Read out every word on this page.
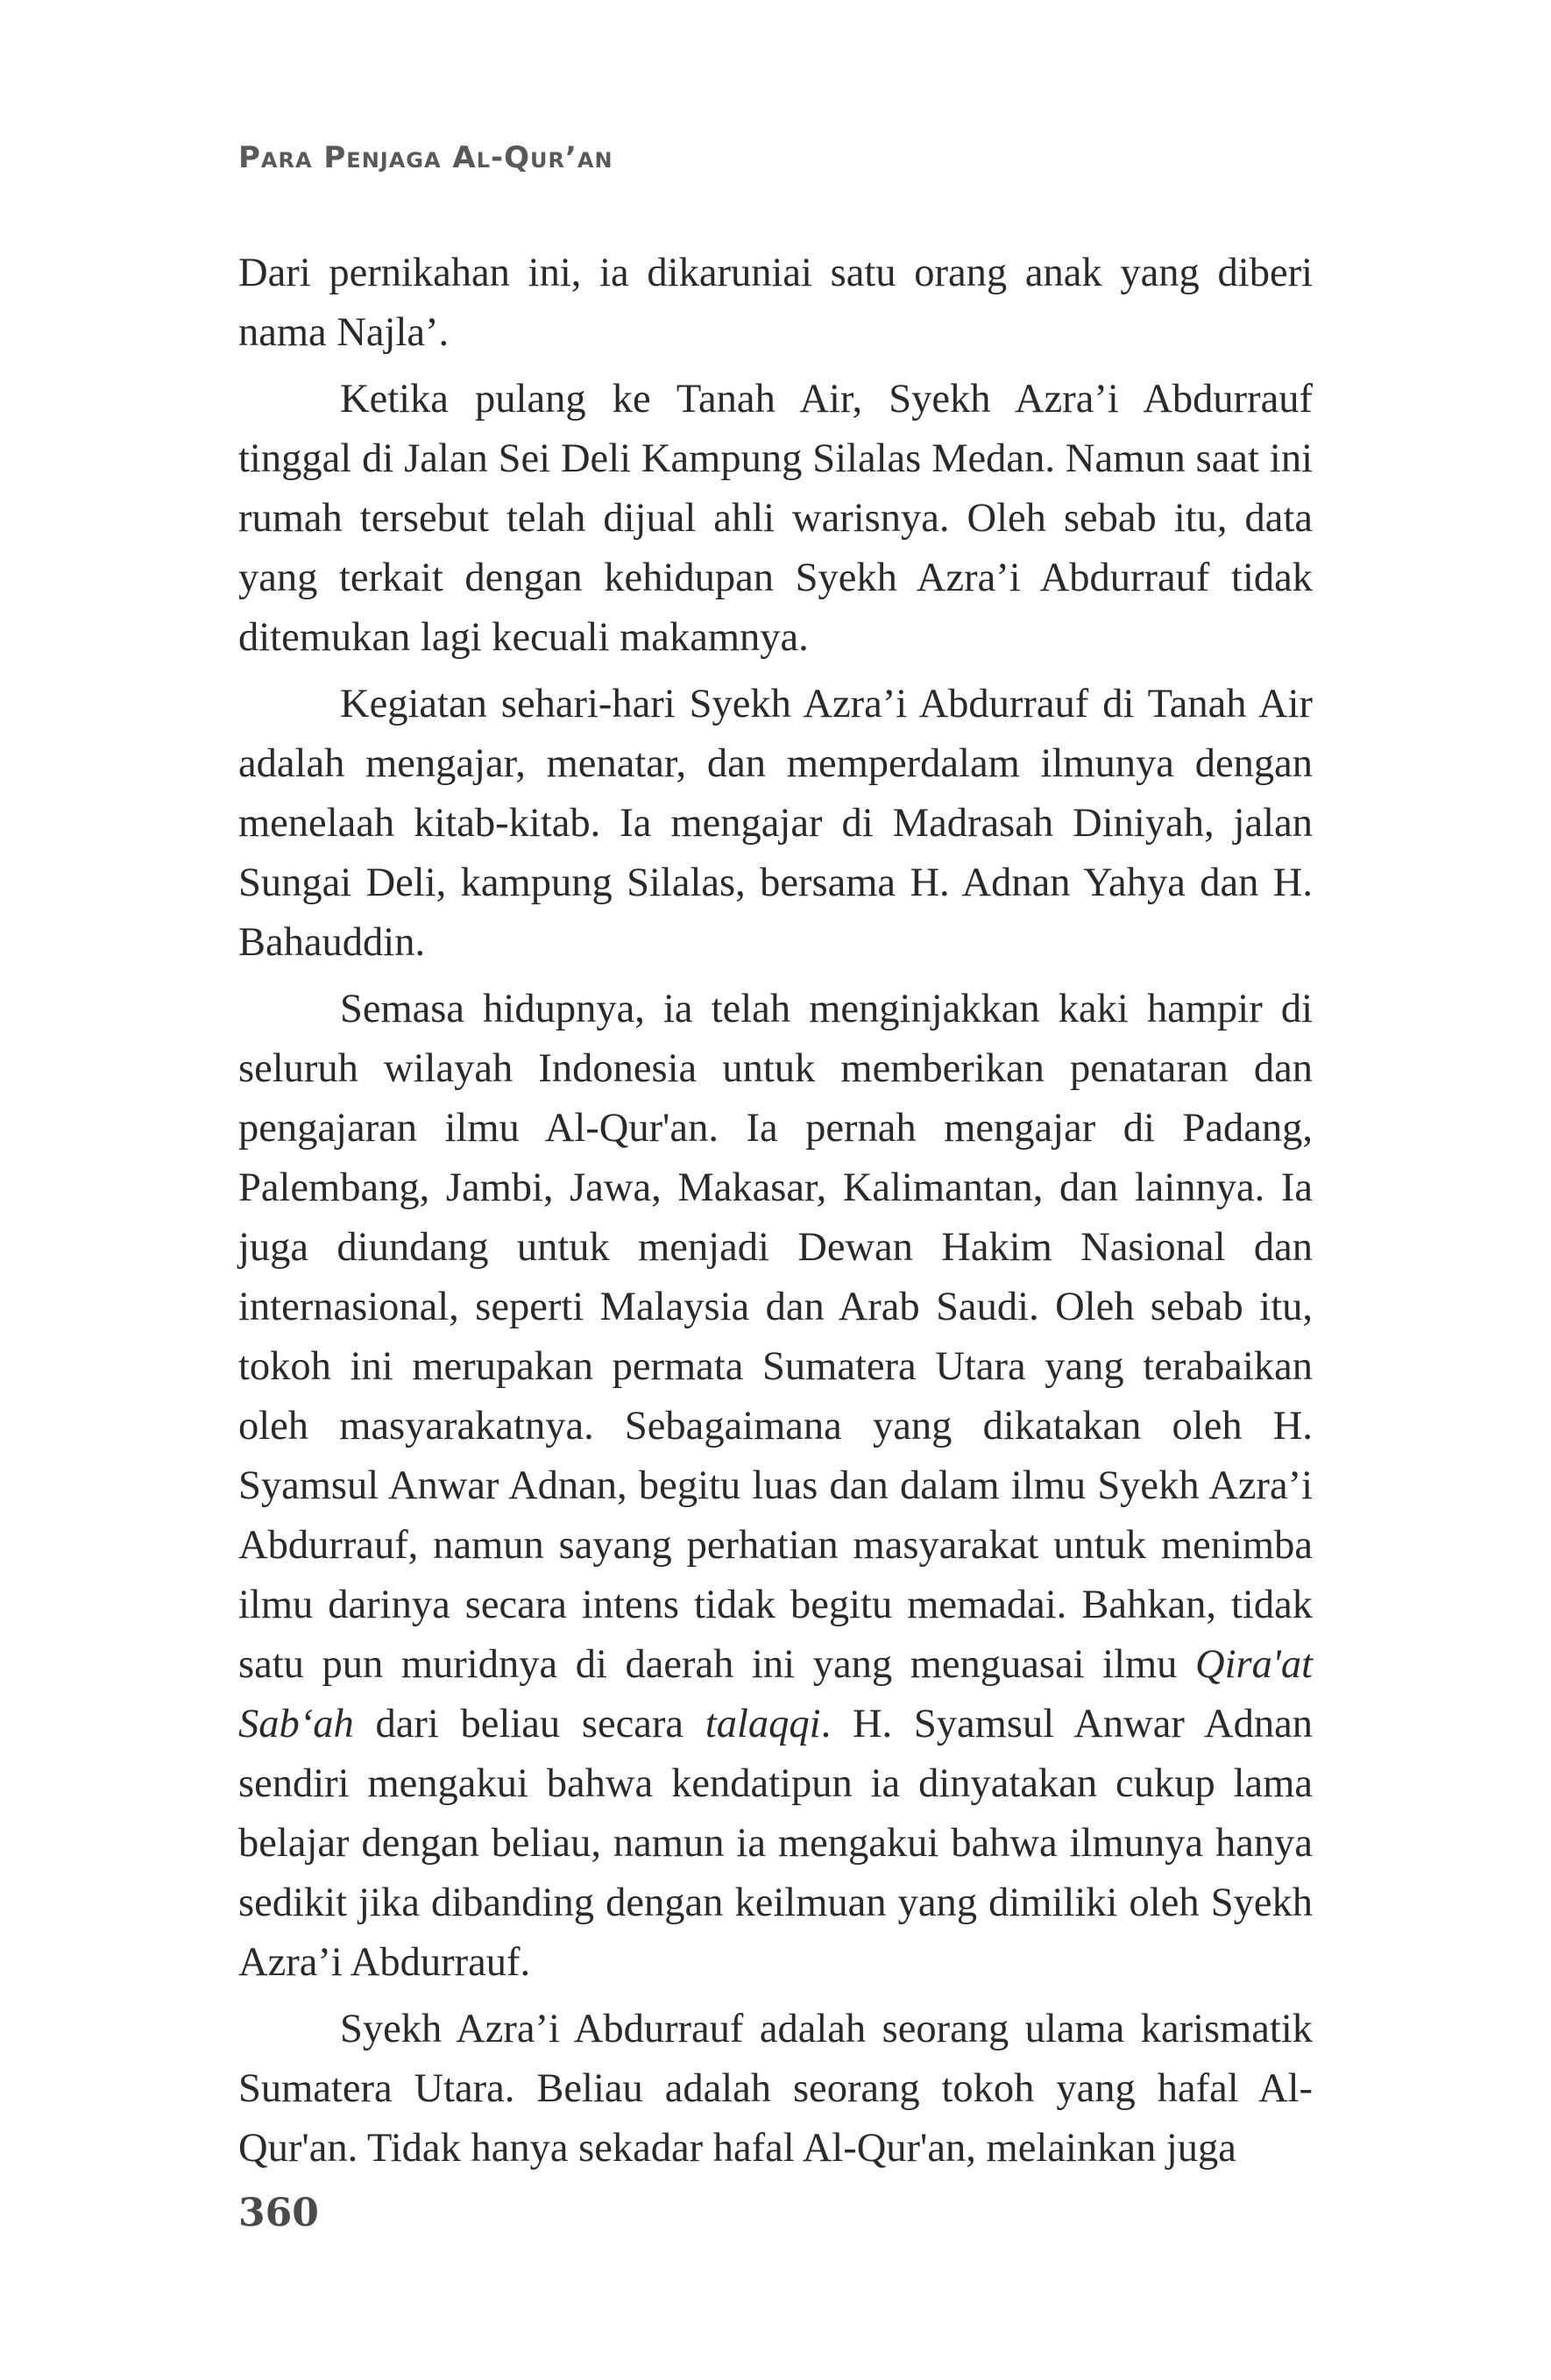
Para Penjaga Al-Qur’an

Dari pernikahan ini, ia dikaruniai satu orang anak yang diberi nama Najla’.

Ketika pulang ke Tanah Air, Syekh Azra’i Abdurrauf tinggal di Jalan Sei Deli Kampung Silalas Medan. Namun saat ini rumah tersebut telah dijual ahli warisnya. Oleh sebab itu, data yang terkait dengan kehidupan Syekh Azra’i Abdurrauf tidak ditemukan lagi kecuali makamnya.

Kegiatan sehari-hari Syekh Azra’i Abdurrauf di Tanah Air adalah mengajar, menatar, dan memperdalam ilmunya dengan menelaah kitab-kitab. Ia mengajar di Madrasah Diniyah, jalan Sungai Deli, kampung Silalas, bersama H. Adnan Yahya dan H. Bahauddin.

Semasa hidupnya, ia telah menginjakkan kaki hampir di seluruh wilayah Indonesia untuk memberikan penataran dan pengajaran ilmu Al-Qur'an. Ia pernah mengajar di Padang, Palembang, Jambi, Jawa, Makasar, Kalimantan, dan lainnya. Ia juga diundang untuk menjadi Dewan Hakim Nasional dan internasional, seperti Malaysia dan Arab Saudi. Oleh sebab itu, tokoh ini merupakan permata Sumatera Utara yang terabaikan oleh masyarakatnya. Sebagaimana yang dikatakan oleh H. Syamsul Anwar Adnan, begitu luas dan dalam ilmu Syekh Azra’i Abdurrauf, namun sayang perhatian masyarakat untuk menimba ilmu darinya secara intens tidak begitu memadai. Bahkan, tidak satu pun muridnya di daerah ini yang menguasai ilmu Qira'at Sab‘ah dari beliau secara talaqqi. H. Syamsul Anwar Adnan sendiri mengakui bahwa kendatipun ia dinyatakan cukup lama belajar dengan beliau, namun ia mengakui bahwa ilmunya hanya sedikit jika dibanding dengan keilmuan yang dimiliki oleh Syekh Azra’i Abdurrauf.

Syekh Azra’i Abdurrauf adalah seorang ulama karismatik Sumatera Utara. Beliau adalah seorang tokoh yang hafal Al-Qur'an. Tidak hanya sekadar hafal Al-Qur'an, melainkan juga

360
